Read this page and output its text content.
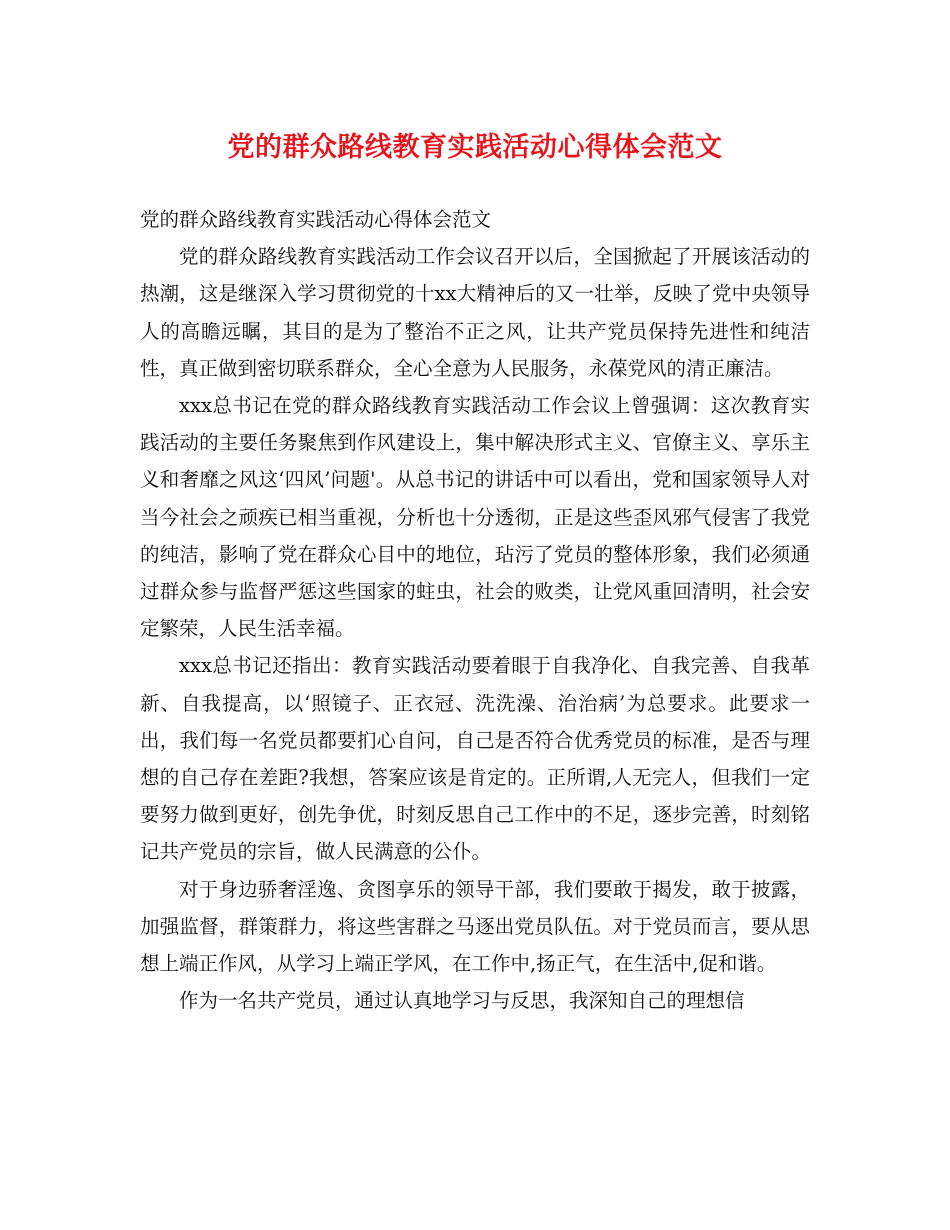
党的群众路线教育实践活动心得体会范文

党的群众路线教育实践活动心得体会范文

党的群众路线教育实践活动工作会议召开以后，全国掀起了开展该活动的热潮，这是继深入学习贯彻党的十xx大精神后的又一壮举，反映了党中央领导人的高瞻远瞩，其目的是为了整治不正之风，让共产党员保持先进性和纯洁性，真正做到密切联系群众，全心全意为人民服务，永葆党风的清正廉洁。

xxx总书记在党的群众路线教育实践活动工作会议上曾强调：这次教育实践活动的主要任务聚焦到作风建设上，集中解决形式主义、官僚主义、享乐主义和奢靡之风这‘四风’问题'。从总书记的讲话中可以看出，党和国家领导人对当今社会之顽疾已相当重视，分析也十分透彻，正是这些歪风邪气侵害了我党的纯洁，影响了党在群众心目中的地位，玷污了党员的整体形象，我们必须通过群众参与监督严惩这些国家的蛀虫，社会的败类，让党风重回清明，社会安定繁荣，人民生活幸福。

xxx总书记还指出：教育实践活动要着眼于自我净化、自我完善、自我革新、自我提高，以‘照镜子、正衣冠、洗洗澡、治治病’为总要求。此要求一出，我们每一名党员都要扪心自问，自己是否符合优秀党员的标准，是否与理想的自己存在差距?我想，答案应该是肯定的。正所谓,人无完人，但我们一定要努力做到更好，创先争优，时刻反思自己工作中的不足，逐步完善，时刻铭记共产党员的宗旨，做人民满意的公仆。

对于身边骄奢淫逸、贪图享乐的领导干部，我们要敢于揭发，敢于披露，加强监督，群策群力，将这些害群之马逐出党员队伍。对于党员而言，要从思想上端正作风，从学习上端正学风，在工作中,扬正气，在生活中,促和谐。

作为一名共产党员，通过认真地学习与反思，我深知自己的理想信
